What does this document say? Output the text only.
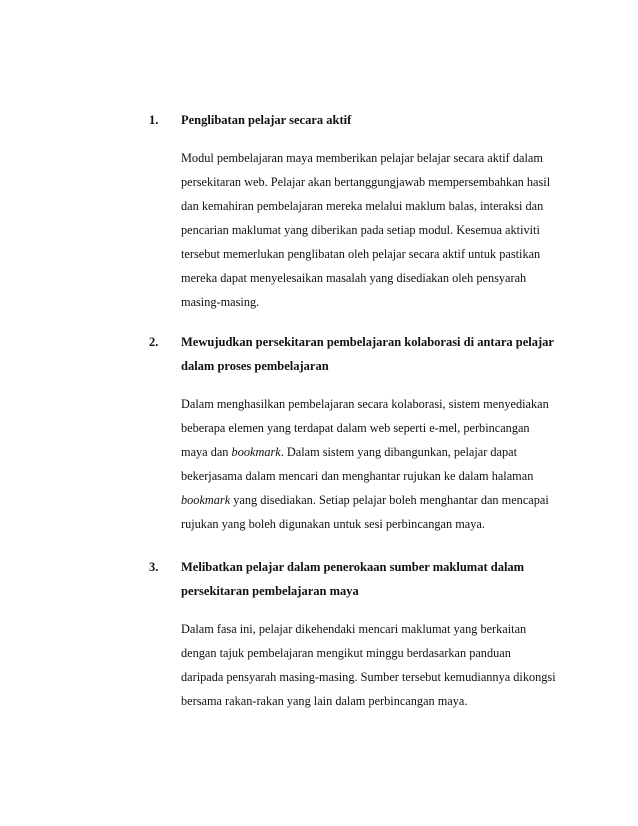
1. Penglibatan pelajar secara aktif
Modul pembelajaran maya memberikan pelajar belajar secara aktif dalam
persekitaran web. Pelajar akan bertanggungjawab mempersembahkan hasil
dan kemahiran pembelajaran mereka melalui maklum balas, interaksi dan
pencarian maklumat yang diberikan pada setiap modul. Kesemua aktiviti
tersebut memerlukan penglibatan oleh pelajar secara aktif untuk pastikan
mereka dapat menyelesaikan masalah yang disediakan oleh pensyarah
masing-masing.
2. Mewujudkan persekitaran pembelajaran kolaborasi di antara pelajar
dalam proses pembelajaran
Dalam menghasilkan pembelajaran secara kolaborasi, sistem menyediakan
beberapa elemen yang terdapat dalam web seperti e-mel, perbincangan
maya dan bookmark. Dalam sistem yang dibangunkan, pelajar dapat
bekerjasama dalam mencari dan menghantar rujukan ke dalam halaman
bookmark yang disediakan. Setiap pelajar boleh menghantar dan mencapai
rujukan yang boleh digunakan untuk sesi perbincangan maya.
3. Melibatkan pelajar dalam penerokaan sumber maklumat dalam
persekitaran pembelajaran maya
Dalam fasa ini, pelajar dikehendaki mencari maklumat yang berkaitan
dengan tajuk pembelajaran mengikut minggu berdasarkan panduan
daripada pensyarah masing-masing. Sumber tersebut kemudiannya dikongsi
bersama rakan-rakan yang lain dalam perbincangan maya.
